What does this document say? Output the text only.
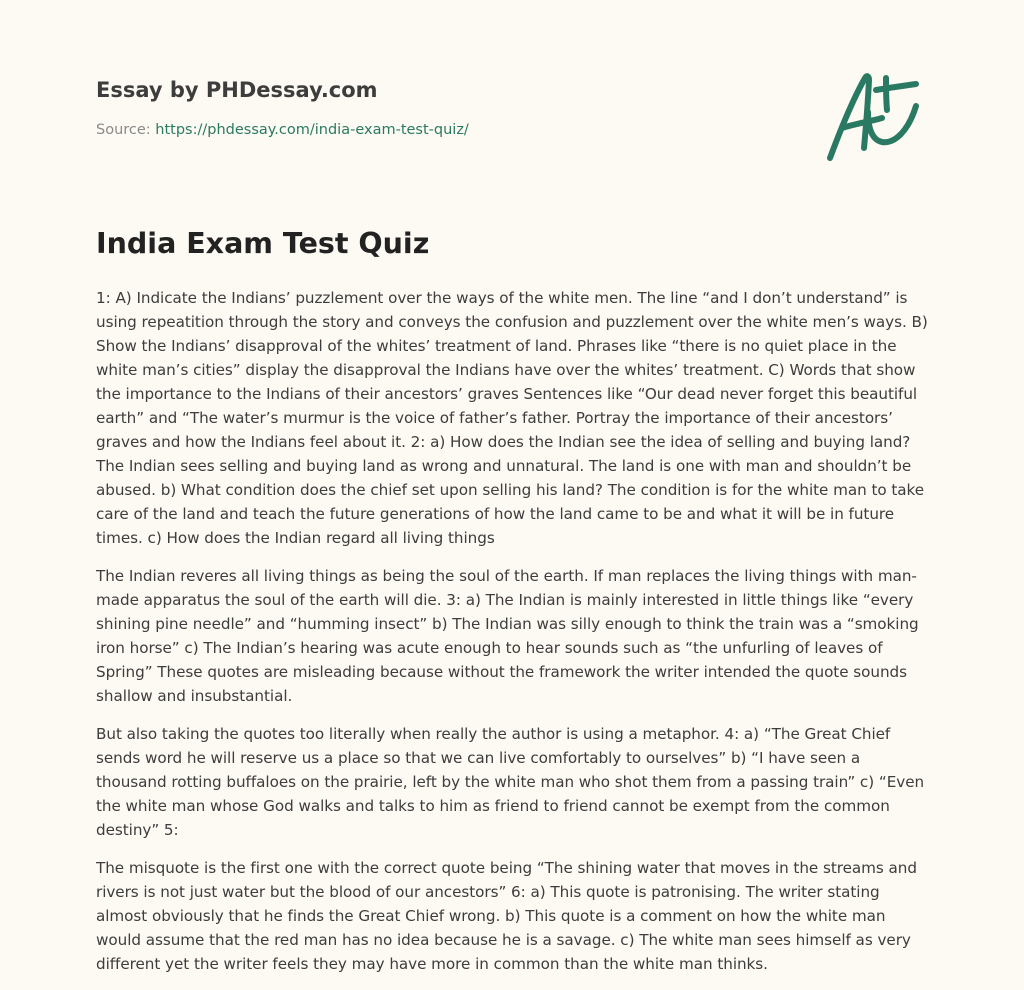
Essay by PHDessay.com
Source: https://phdessay.com/india-exam-test-quiz/
India Exam Test Quiz

1: A) Indicate the Indians’ puzzlement over the ways of the white men. The line “and I don’t understand” is using repeatition through the story and conveys the confusion and puzzlement over the white men’s ways. B) Show the Indians’ disapproval of the whites’ treatment of land. Phrases like “there is no quiet place in the white man’s cities” display the disapproval the Indians have over the whites’ treatment. C) Words that show the importance to the Indians of their ancestors’ graves Sentences like “Our dead never forget this beautiful earth” and “The water’s murmur is the voice of father’s father. Portray the importance of their ancestors’ graves and how the Indians feel about it. 2: a) How does the Indian see the idea of selling and buying land? The Indian sees selling and buying land as wrong and unnatural. The land is one with man and shouldn’t be abused. b) What condition does the chief set upon selling his land? The condition is for the white man to take care of the land and teach the future generations of how the land came to be and what it will be in future times. c) How does the Indian regard all living things

The Indian reveres all living things as being the soul of the earth. If man replaces the living things with man-made apparatus the soul of the earth will die. 3: a) The Indian is mainly interested in little things like “every shining pine needle” and “humming insect” b) The Indian was silly enough to think the train was a “smoking iron horse” c) The Indian’s hearing was acute enough to hear sounds such as “the unfurling of leaves of Spring” These quotes are misleading because without the framework the writer intended the quote sounds shallow and insubstantial.

But also taking the quotes too literally when really the author is using a metaphor. 4: a) “The Great Chief sends word he will reserve us a place so that we can live comfortably to ourselves” b) “I have seen a thousand rotting buffaloes on the prairie, left by the white man who shot them from a passing train” c) “Even the white man whose God walks and talks to him as friend to friend cannot be exempt from the common destiny” 5:

The misquote is the first one with the correct quote being “The shining water that moves in the streams and rivers is not just water but the blood of our ancestors” 6: a) This quote is patronising. The writer stating almost obviously that he finds the Great Chief wrong. b) This quote is a comment on how the white man would assume that the red man has no idea because he is a savage. c) The white man sees himself as very different yet the writer feels they may have more in common than the white man thinks.
